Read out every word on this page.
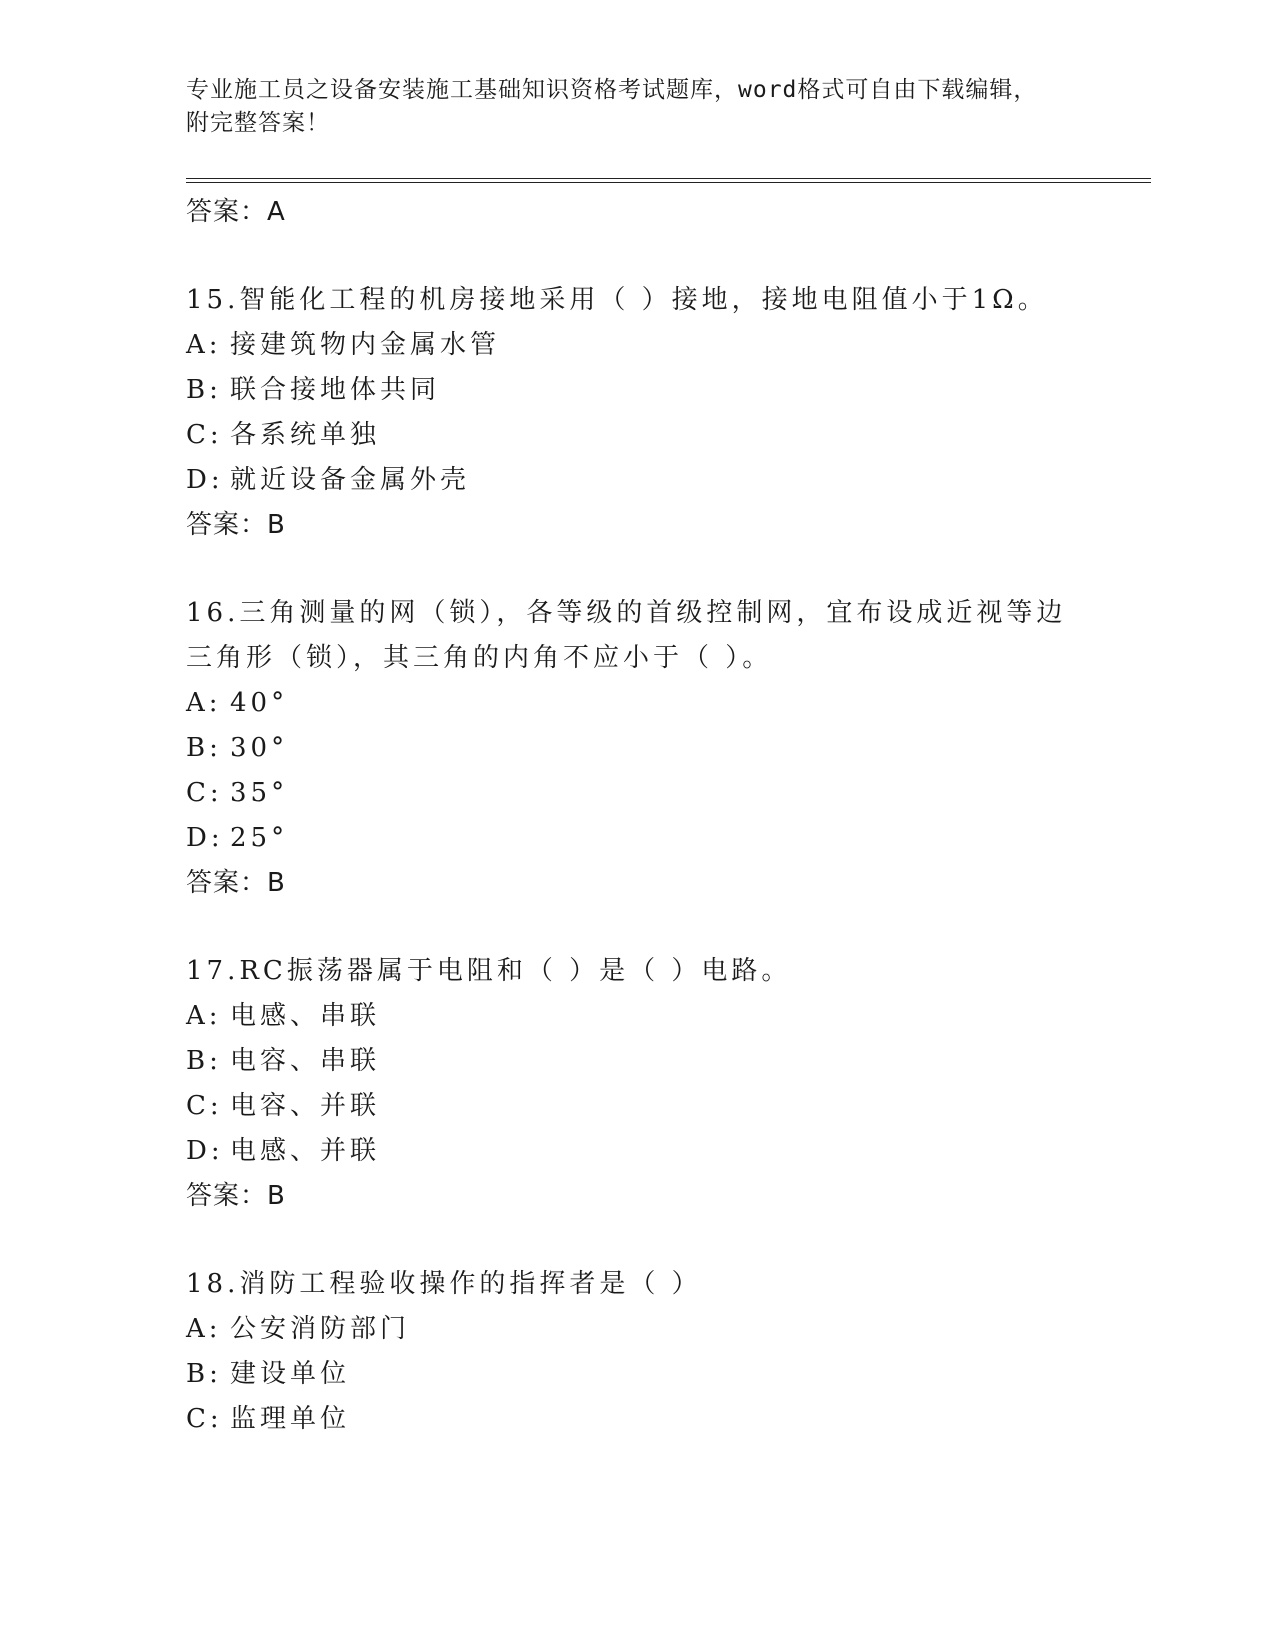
专业施工员之设备安装施工基础知识资格考试题库，word格式可自由下载编辑，
附完整答案！
答案：A
15.智能化工程的机房接地采用（ ）接地，接地电阻值小于1Ω。
A: 接建筑物内金属水管
B: 联合接地体共同
C: 各系统单独
D: 就近设备金属外壳
答案：B
16.三角测量的网（锁），各等级的首级控制网，宜布设成近视等边三角形（锁），其三角的内角不应小于（ ）。
A: 40°
B: 30°
C: 35°
D: 25°
答案：B
17.RC振荡器属于电阻和（ ）是（ ）电路。
A: 电感、串联
B: 电容、串联
C: 电容、并联
D: 电感、并联
答案：B
18.消防工程验收操作的指挥者是（ ）
A: 公安消防部门
B: 建设单位
C: 监理单位
